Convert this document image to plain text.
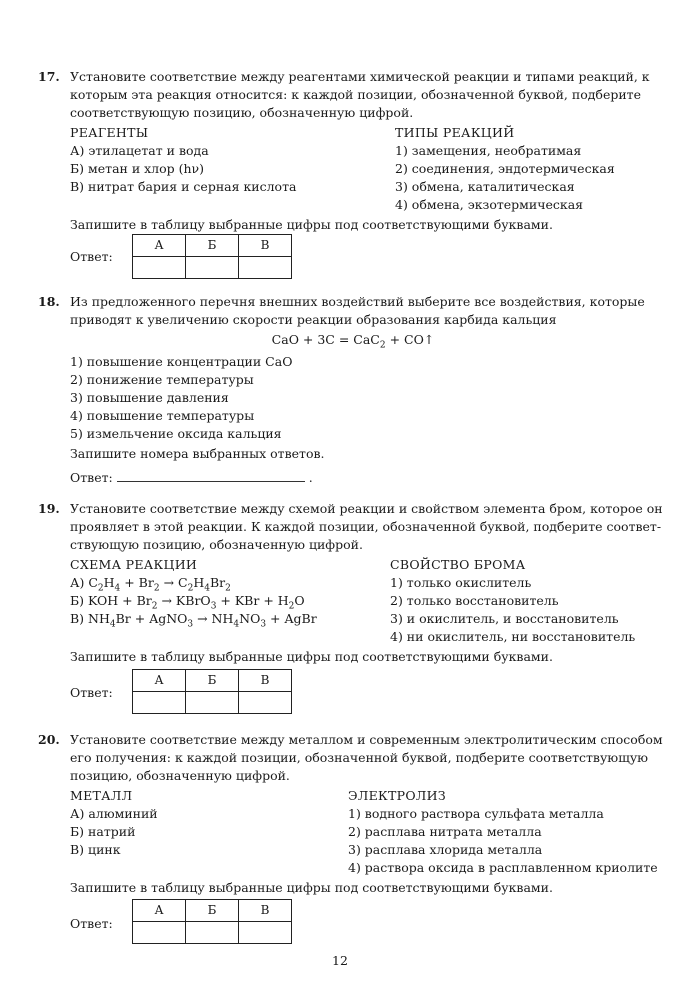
17. Установите соответствие между реагентами химической реакции и типами реакций, к
которым эта реакция относится: к каждой позиции, обозначенной буквой, подберите
соответствующую позицию, обозначенную цифрой.
РЕАГЕНТЫ
А) этилацетат и вода
Б) метан и хлор (hν)
В) нитрат бария и серная кислота
ТИПЫ РЕАКЦИЙ
1) замещения, необратимая
2) соединения, эндотермическая
3) обмена, каталитическая
4) обмена, экзотермическая
Запишите в таблицу выбранные цифры под соответствующими буквами.
Ответ:
А	Б	В

18. Из предложенного перечня внешних воздействий выберите все воздействия, которые
приводят к увеличению скорости реакции образования карбида кальция
CaO + 3C = CaC$_2$ + CO↑
1) повышение концентрации CaO
2) понижение температуры
3) повышение давления
4) повышение температуры
5) измельчение оксида кальция
Запишите номера выбранных ответов.
Ответ:	.
19. Установите соответствие между схемой реакции и свойством элемента бром, которое он
проявляет в этой реакции. К каждой позиции, обозначенной буквой, подберите соответ-
ствующую позицию, обозначенную цифрой.
СХЕМА РЕАКЦИИ
А) $C_2H_4 + Br_2 \to C_2H_4Br_2$
Б) KOH + $Br_2$ → KBrO$_3$ + KBr + $H_2O$
В) $NH_4Br$ + AgNO$_3$ → $NH_4NO_3$ + AgBr
СВОЙСТВО БРОМА
1) только окислитель
2) только восстановитель
3) и окислитель, и восстановитель
4) ни окислитель, ни восстановитель
Запишите в таблицу выбранные цифры под соответствующими буквами.
Ответ:
А	Б	В

20. Установите соответствие между металлом и современным электролитическим способом
его получения: к каждой позиции, обозначенной буквой, подберите соответствующую
позицию, обозначенную цифрой.
МЕТАЛЛ
А) алюминий
Б) натрий
В) цинк
ЭЛЕКТРОЛИЗ
1) водного раствора сульфата металла
2) расплава нитрата металла
3) расплава хлорида металла
4) раствора оксида в расплавленном криолите
Запишите в таблицу выбранные цифры под соответствующими буквами.
Ответ:
А	Б	В

12
